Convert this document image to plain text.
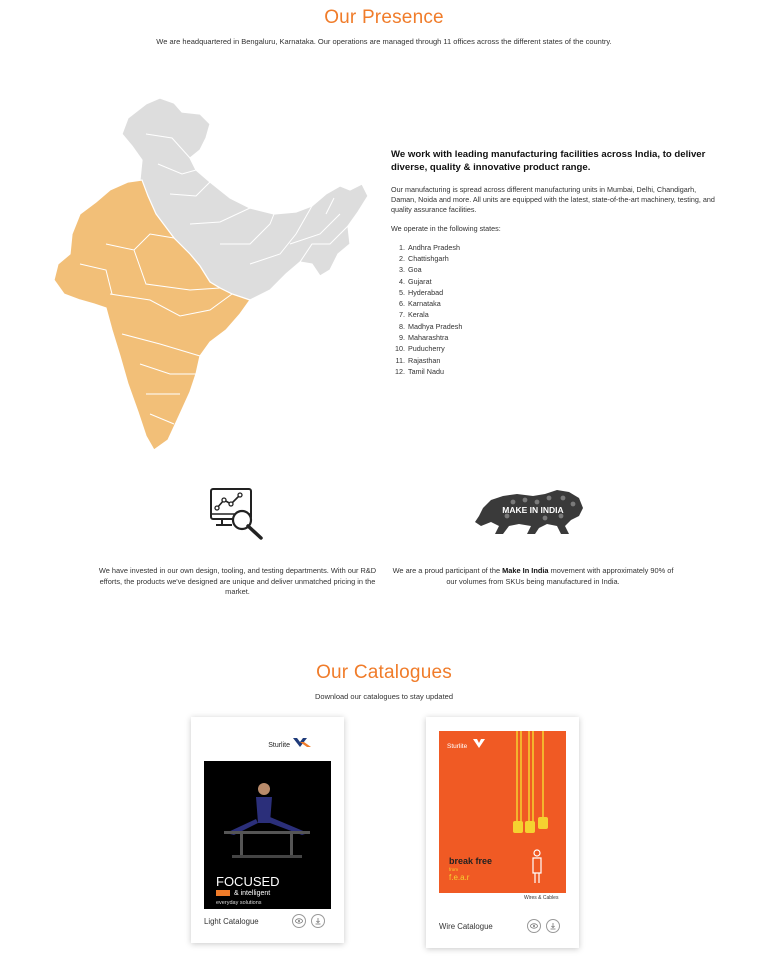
Our Presence
We are headquartered in Bengaluru, Karnataka. Our operations are managed through 11 offices across the different states of the country.
We work with leading manufacturing facilities across India, to deliver diverse, quality & innovative product range.
Our manufacturing is spread across different manufacturing units in Mumbai, Delhi, Chandigarh, Daman, Noida and more. All units are equipped with the latest, state-of-the-art machinery, testing, and quality assurance facilities.
We operate in the following states:
1. Andhra Pradesh
2. Chattishgarh
3. Goa
4. Gujarat
5. Hyderabad
6. Karnataka
7. Kerala
8. Madhya Pradesh
9. Maharashtra
10. Puducherry
11. Rajasthan
12. Tamil Nadu
MAKE IN INDIA
We have invested in our own design, tooling, and testing departments. With our R&D efforts, the products we've designed are unique and deliver unmatched pricing in the market.
We are a proud participant of the Make In India movement with approximately 90% of our volumes from SKUs being manufactured in India.
Our Catalogues
Download our catalogues to stay updated
Sturlite
FOCUSED
& intelligent
everyday solutions
Light Catalogue
Sturlite
break free
from
f.e.a.r
Wires & Cables
Wire Catalogue
